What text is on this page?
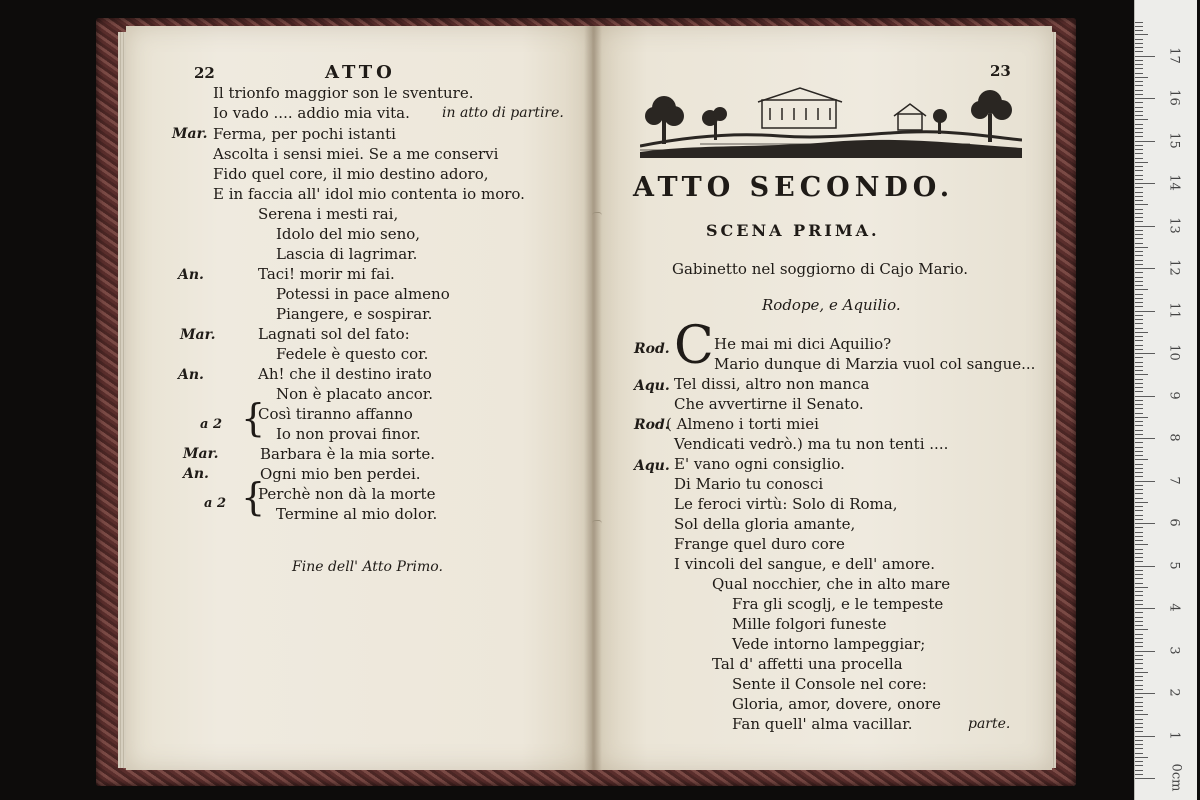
22	ATTO
Il trionfo maggior son le sventure.
Io vado .... addio mia vita. in atto di partire.
Mar. Ferma, per pochi istanti
Ascolta i sensi miei. Se a me conservi
Fido quel core, il mio destino adoro,
E in faccia all' idol mio contenta io moro.
Serena i mesti rai,
Idolo del mio seno,
Lascia di lagrimar.
An.	Taci! morir mi fai.
Potessi in pace almeno
Piangere, e sospirar.
Mar.	Lagnati sol del fato:
Fedele è questo cor.
An.	Ah! che il destino irato
Non è placato ancor.
a 2 {
Così tiranno affanno
Io non provai finor.
Mar.	Barbara è la mia sorte.
An.	Ogni mio ben perdei.
a 2 {
Perchè non dà la morte
Termine al mio dolor.
Fine dell' Atto Primo.
23
ATTO SECONDO.
SCENA PRIMA.
Gabinetto nel soggiorno di Cajo Mario.
Rodope, e Aquilio.
Rod. C He mai mi dici Aquilio?
Mario dunque di Marzia vuol col sangue...
Aqu. Tel dissi, altro non manca
Che avvertirne il Senato.
Rod.
( Almeno i torti miei
Vendicati vedrò.) ma tu non tenti ....
Aqu. E' vano ogni consiglio.
Di Mario tu conosci
Le feroci virtù: Solo di Roma,
Sol della gloria amante,
Frange quel duro core
I vincoli del sangue, e dell' amore.
Qual nocchier, che in alto mare
Fra gli scoglj, e le tempeste
Mille folgori funeste
Vede intorno lampeggiar;
Tal d' affetti una procella
Sente il Console nel core:
Gloria, amor, dovere, onore
Fan quell' alma vacillar.	parte.
0cm
1
2
3
4
5
6
7
8
9
10
11
12
13
14
15
16
17
